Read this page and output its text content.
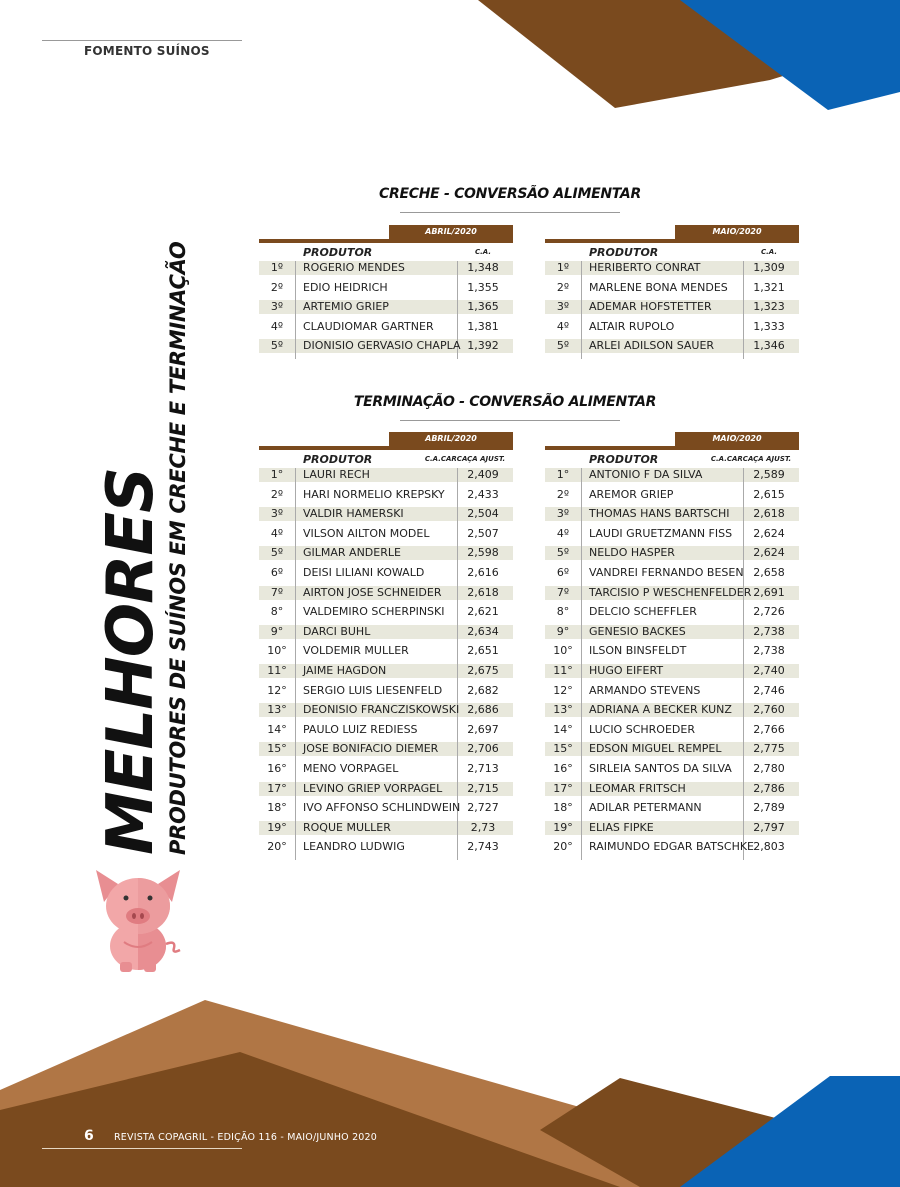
FOMENTO SUÍNOS
MELHORES
PRODUTORES DE SUÍNOS EM CRECHE E TERMINAÇÃO
CRECHE - CONVERSÃO ALIMENTAR
ABRIL/2020
PRODUTOR	C.A.
1º	ROGERIO MENDES	1,348
2º	EDIO HEIDRICH	1,355
3º	ARTEMIO GRIEP	1,365
4º	CLAUDIOMAR GARTNER	1,381
5º	DIONISIO GERVASIO CHAPLA 1,392
MAIO/2020
PRODUTOR	C.A.
1º	HERIBERTO CONRAT	1,309
2º	MARLENE BONA MENDES	1,321
3º	ADEMAR HOFSTETTER	1,323
4º	ALTAIR RUPOLO	1,333
5º	ARLEI ADILSON SAUER	1,346
TERMINAÇÃO - CONVERSÃO ALIMENTAR
ABRIL/2020
PRODUTOR	C.A.CARCAÇA AJUST.
1°	LAURI RECH	2,409
2º	HARI NORMELIO KREPSKY	2,433
3º	VALDIR HAMERSKI	2,504
4º	VILSON AILTON MODEL	2,507
5º	GILMAR ANDERLE	2,598
6º	DEISI LILIANI KOWALD	2,616
7º	AIRTON JOSE SCHNEIDER	2,618
8°	VALDEMIRO SCHERPINSKI	2,621
9°	DARCI BUHL	2,634
10°	VOLDEMIR MULLER	2,651
11°	JAIME HAGDON	2,675
12°	SERGIO LUIS LIESENFELD	2,682
13°	DEONISIO FRANCZISKOWSKI 2,686
14°	PAULO LUIZ REDIESS	2,697
15°	JOSE BONIFACIO DIEMER	2,706
16°	MENO VORPAGEL	2,713
17°	LEVINO GRIEP VORPAGEL	2,715
18°	IVO AFFONSO SCHLINDWEIN 2,727
19°	ROQUE MULLER	2,73
20°	LEANDRO LUDWIG	2,743
MAIO/2020
PRODUTOR	C.A.CARCAÇA AJUST.
1°	ANTONIO F DA SILVA	2,589
2º	AREMOR GRIEP	2,615
3º	THOMAS HANS BARTSCHI	2,618
4º	LAUDI GRUETZMANN FISS	2,624
5º	NELDO HASPER	2,624
6º	VANDREI FERNANDO BESEN 2,658
7º	TARCISIO P WESCHENFELDER 2,691
8°	DELCIO SCHEFFLER	2,726
9°	GENESIO BACKES	2,738
10°	ILSON BINSFELDT	2,738
11°	HUGO EIFERT	2,740
12°	ARMANDO STEVENS	2,746
13°	ADRIANA A BECKER KUNZ	2,760
14°	LUCIO SCHROEDER	2,766
15°	EDSON MIGUEL REMPEL	2,775
16°	SIRLEIA SANTOS DA SILVA	2,780
17°	LEOMAR FRITSCH	2,786
18°	ADILAR PETERMANN	2,789
19°	ELIAS FIPKE	2,797
20°	RAIMUNDO EDGAR BATSCHKE 2,803
6 REVISTA COPAGRIL - EDIÇÃO 116 - MAIO/JUNHO 2020
